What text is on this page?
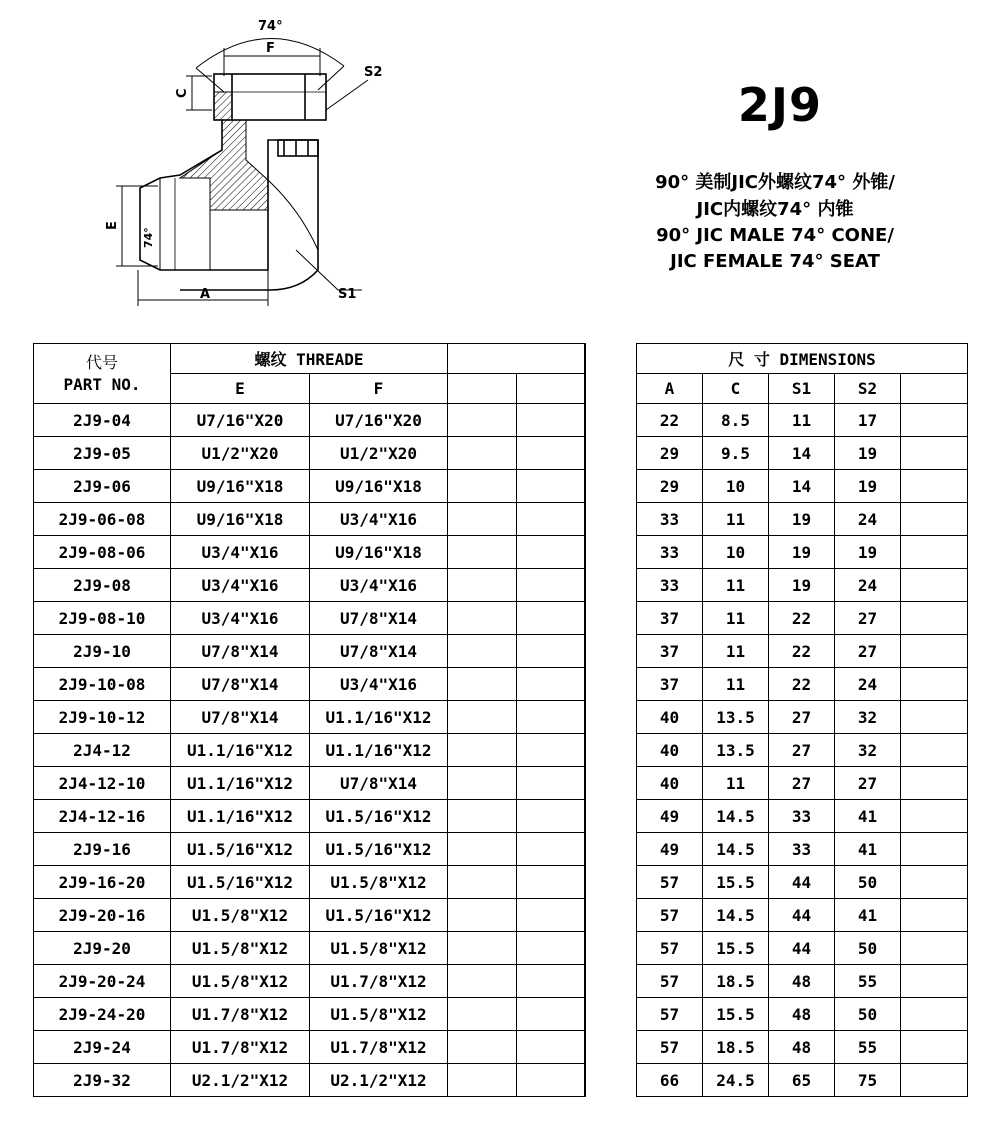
74°
F
S2
C
E
74°
A	S1
2J9
90° 美制JIC外螺纹74° 外锥/
JIC内螺纹74° 内锥
90° JIC MALE 74° CONE/
JIC FEMALE 74° SEAT
代号
PART NO.	螺纹 THREADE			
	E	F		
2J9-04	U7/16"X20	U7/16"X20		
2J9-05	U1/2"X20	U1/2"X20		
2J9-06	U9/16"X18	U9/16"X18		
2J9-06-08	U9/16"X18	U3/4"X16		
2J9-08-06	U3/4"X16	U9/16"X18		
2J9-08	U3/4"X16	U3/4"X16		
2J9-08-10	U3/4"X16	U7/8"X14		
2J9-10	U7/8"X14	U7/8"X14		
2J9-10-08	U7/8"X14	U3/4"X16		
2J9-10-12	U7/8"X14	U1.1/16"X12		
2J4-12	U1.1/16"X12	U1.1/16"X12		
2J4-12-10	U1.1/16"X12	U7/8"X14		
2J4-12-16	U1.1/16"X12	U1.5/16"X12		
2J9-16	U1.5/16"X12	U1.5/16"X12		
2J9-16-20	U1.5/16"X12	U1.5/8"X12		
2J9-20-16	U1.5/8"X12	U1.5/16"X12		
2J9-20	U1.5/8"X12	U1.5/8"X12		
2J9-20-24	U1.5/8"X12	U1.7/8"X12		
2J9-24-20	U1.7/8"X12	U1.5/8"X12		
2J9-24	U1.7/8"X12	U1.7/8"X12		
2J9-32	U2.1/2"X12	U2.1/2"X12		
尺 寸 DIMENSIONS				
A	C	S1	S2	
22	8.5	11	17	
29	9.5	14	19	
29	10	14	19	
33	11	19	24	
33	10	19	19	
33	11	19	24	
37	11	22	27	
37	11	22	27	
37	11	22	24	
40	13.5	27	32	
40	13.5	27	32	
40	11	27	27	
49	14.5	33	41	
49	14.5	33	41	
57	15.5	44	50	
57	14.5	44	41	
57	15.5	44	50	
57	18.5	48	55	
57	15.5	48	50	
57	18.5	48	55	
66	24.5	65	75	
